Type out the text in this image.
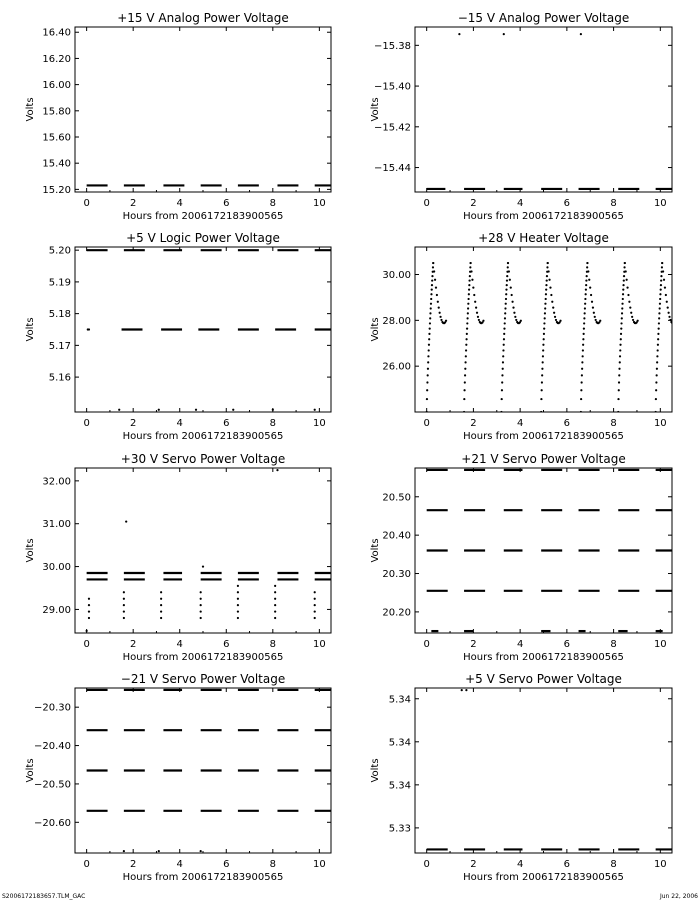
+15 V Analog Power Voltage
0	2	4	6	8	10
15.20
15.40
15.60
15.80
16.00
16.20
16.40
Hours from 2006172183900565
Volts
−15 V Analog Power Voltage
0	2	4	6	8	10
−15.38
−15.40
−15.42
−15.44
Hours from 2006172183900565
Volts
+5 V Logic Power Voltage
0	2	4	6	8	10
5.16
5.17
5.18
5.19
5.20
Hours from 2006172183900565
Volts
+28 V Heater Voltage
0	2	4	6	8	10
26.00
28.00
30.00
Hours from 2006172183900565
Volts
+30 V Servo Power Voltage
0	2	4	6	8	10
29.00
30.00
31.00
32.00
Hours from 2006172183900565
Volts
+21 V Servo Power Voltage
0	2	4	6	8	10
20.20
20.30
20.40
20.50
Hours from 2006172183900565
Volts
−21 V Servo Power Voltage
0	2	4	6	8	10
−20.30
−20.40
−20.50
−20.60
Hours from 2006172183900565
Volts
+5 V Servo Power Voltage
0	2	4	6	8	10
5.33
5.34
5.34
5.34
Hours from 2006172183900565
Volts
S2006172183657.TLM_GAC	Jun 22, 2006
